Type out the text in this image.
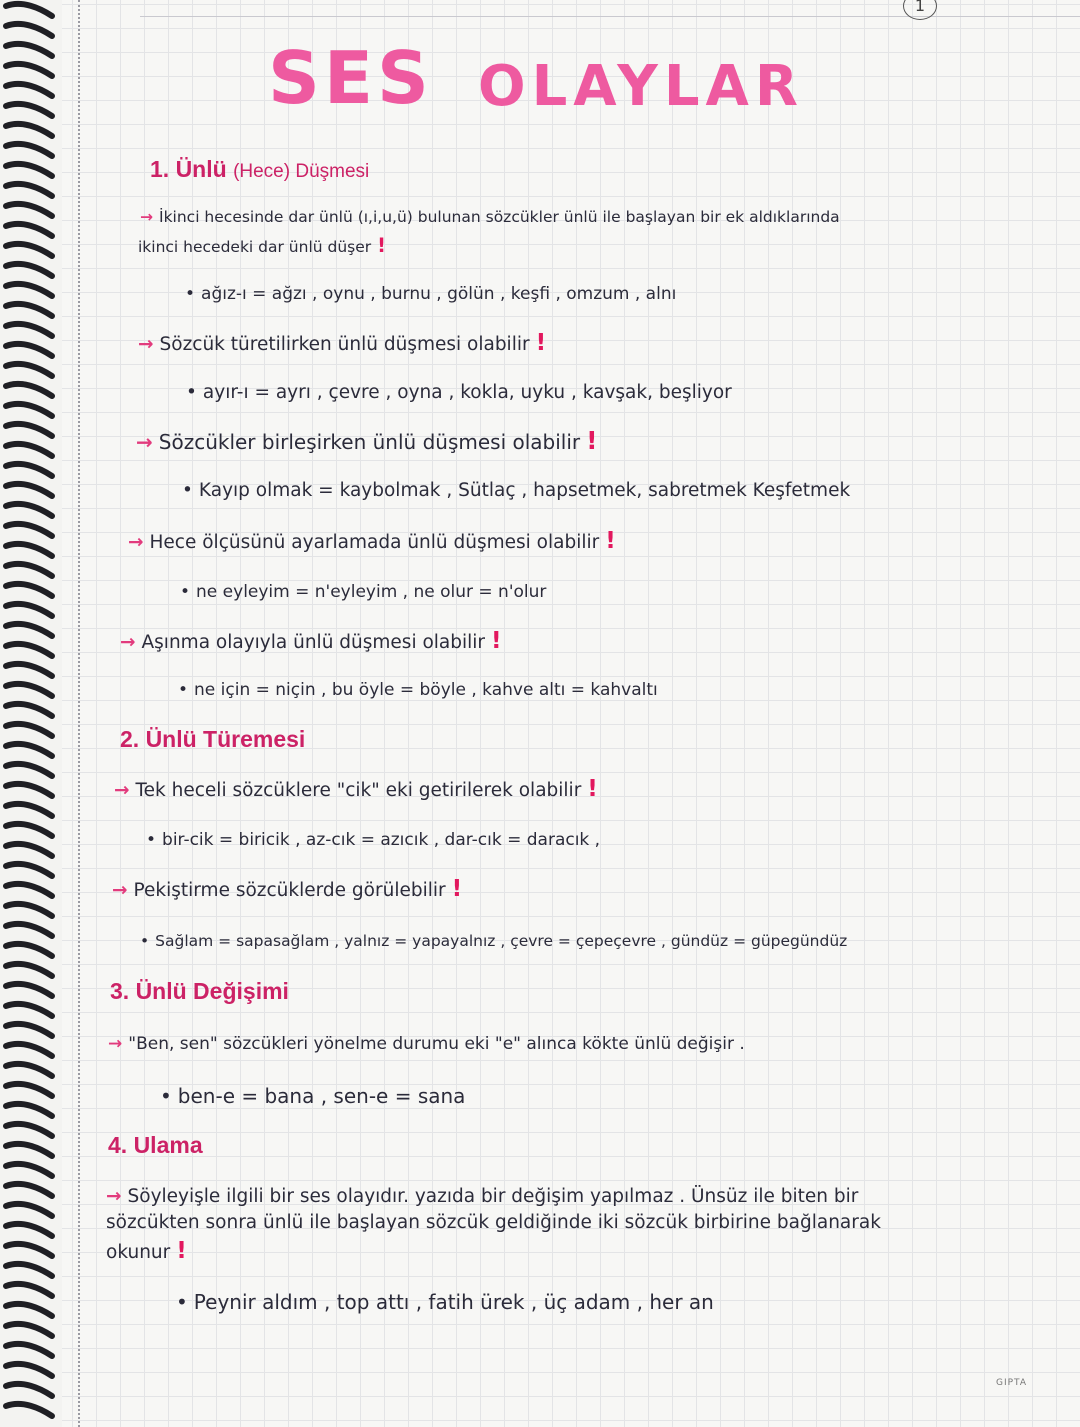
1
SES OLAYLAR
1. Ünlü (Hece) Düşmesi
→ İkinci hecesinde dar ünlü (ı,i,u,ü) bulunan sözcükler ünlü ile başlayan bir ek aldıklarında
ikinci hecedeki dar ünlü düşer !
• ağız-ı = ağzı , oynu , burnu , gölün , keşfi , omzum , alnı
→ Sözcük türetilirken ünlü düşmesi olabilir !
• ayır-ı = ayrı , çevre , oyna , kokla, uyku , kavşak, beşliyor
→ Sözcükler birleşirken ünlü düşmesi olabilir !
• Kayıp olmak = kaybolmak , Sütlaç , hapsetmek, sabretmek Keşfetmek
→ Hece ölçüsünü ayarlamada ünlü düşmesi olabilir !
• ne eyleyim = n'eyleyim , ne olur = n'olur
→ Aşınma olayıyla ünlü düşmesi olabilir !
• ne için = niçin , bu öyle = böyle , kahve altı = kahvaltı
2. Ünlü Türemesi
→ Tek heceli sözcüklere "cik" eki getirilerek olabilir !
• bir-cik = biricik , az-cık = azıcık , dar-cık = daracık ,
→ Pekiştirme sözcüklerde görülebilir !
• Sağlam = sapasağlam , yalnız = yapayalnız , çevre = çepeçevre , gündüz = güpegündüz
3. Ünlü Değişimi
→ "Ben, sen" sözcükleri yönelme durumu eki "e" alınca kökte ünlü değişir .
• ben-e = bana , sen-e = sana
4. Ulama
→ Söyleyişle ilgili bir ses olayıdır. yazıda bir değişim yapılmaz . Ünsüz ile biten bir
sözcükten sonra ünlü ile başlayan sözcük geldiğinde iki sözcük birbirine bağlanarak
okunur !
• Peynir aldım , top attı , fatih ürek , üç adam , her an
GIPTA
